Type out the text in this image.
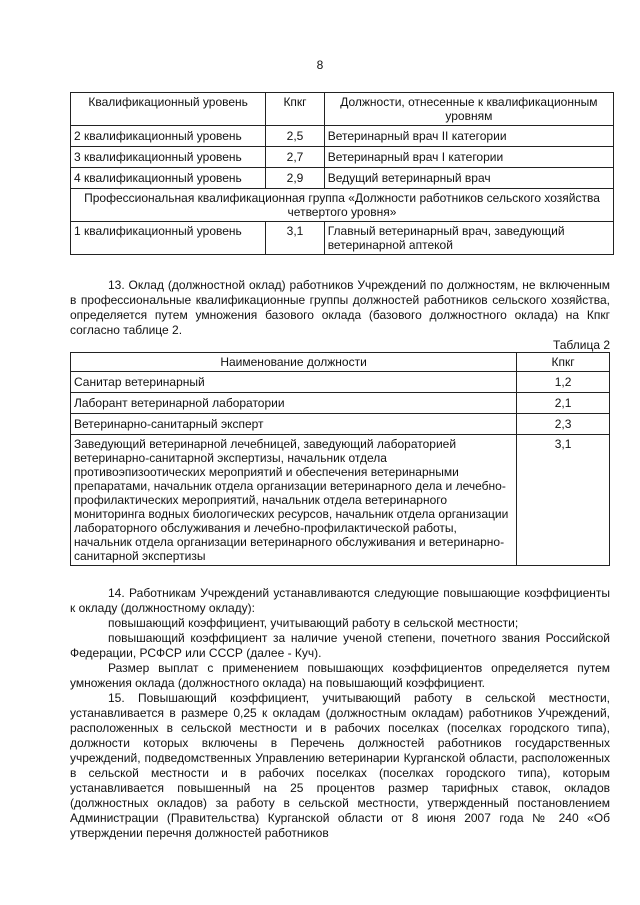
8
Квалификационный уровень	Кпкг	Должности, отнесенные к квалификационным уровням
2 квалификационный уровень	2,5	Ветеринарный врач II категории
3 квалификационный уровень	2,7	Ветеринарный врач I категории
4 квалификационный уровень	2,9	Ведущий ветеринарный врач
Профессиональная квалификационная группа «Должности работников сельского хозяйства четвертого уровня»		
1 квалификационный уровень	3,1	Главный ветеринарный врач, заведующий ветеринарной аптекой

13. Оклад (должностной оклад) работников Учреждений по должностям, не включенным в профессиональные квалификационные группы должностей работников сельского хозяйства, определяется путем умножения базового оклада (базового должностного оклада) на Кпкг согласно таблице 2.

Таблица 2
Наименование должности	Кпкг
Санитар ветеринарный	1,2
Лаборант ветеринарной лаборатории	2,1
Ветеринарно-санитарный эксперт	2,3
Заведующий ветеринарной лечебницей, заведующий лабораторией ветеринарно-санитарной экспертизы, начальник отдела противоэпизоотических мероприятий и обеспечения ветеринарными препаратами, начальник отдела организации ветеринарного дела и лечебно-профилактических мероприятий, начальник отдела ветеринарного мониторинга водных биологических ресурсов, начальник отдела организации лабораторного обслуживания и лечебно-профилактической работы, начальник отдела организации ветеринарного обслуживания и ветеринарно-санитарной экспертизы	3,1

14. Работникам Учреждений устанавливаются следующие повышающие коэффициенты к окладу (должностному окладу):

повышающий коэффициент, учитывающий работу в сельской местности;

повышающий коэффициент за наличие ученой степени, почетного звания Российской Федерации, РСФСР или СССР (далее - Куч).

Размер выплат с применением повышающих коэффициентов определяется путем умножения оклада (должностного оклада) на повышающий коэффициент.

15. Повышающий коэффициент, учитывающий работу в сельской местности, устанавливается в размере 0,25 к окладам (должностным окладам) работников Учреждений, расположенных в сельской местности и в рабочих поселках (поселках городского типа), должности которых включены в Перечень должностей работников государственных учреждений, подведомственных Управлению ветеринарии Курганской области, расположенных в сельской местности и в рабочих поселках (поселках городского типа), которым устанавливается повышенный на 25 процентов размер тарифных ставок, окладов (должностных окладов) за работу в сельской местности, утвержденный постановлением Администрации (Правительства) Курганской области от 8 июня 2007 года № 240 «Об утверждении перечня должностей работников
